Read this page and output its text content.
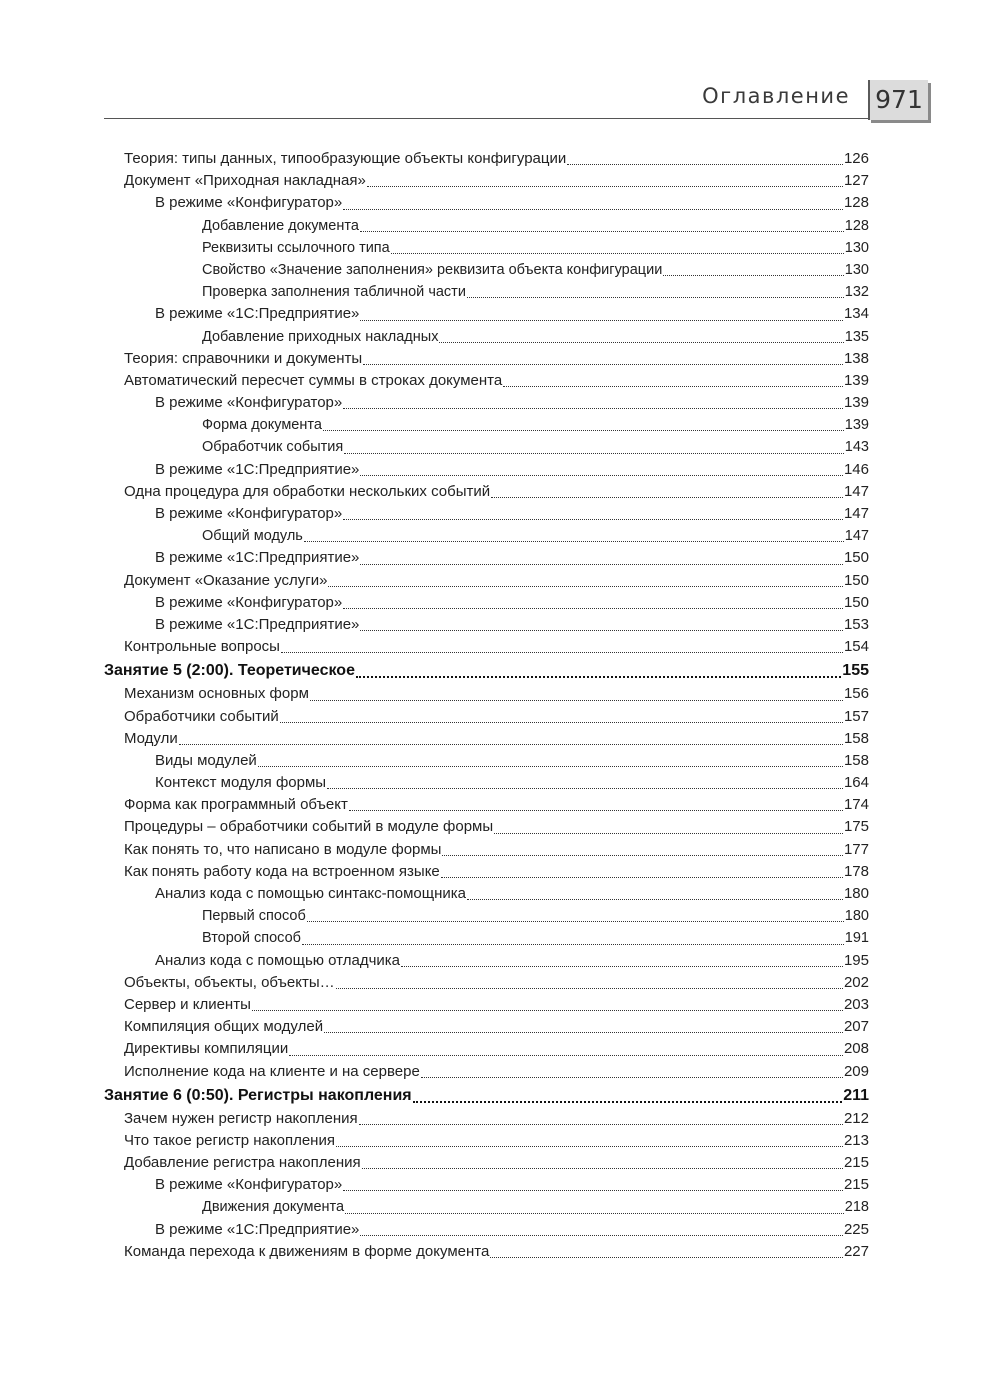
Оглавление 971
Теория: типы данных, типообразующие объекты конфигурации	126
Документ «Приходная накладная»	127
В режиме «Конфигуратор»	128
Добавление документа	128
Реквизиты ссылочного типа	130
Свойство «Значение заполнения» реквизита объекта конфигурации	130
Проверка заполнения табличной части	132
В режиме «1С:Предприятие»	134
Добавление приходных накладных	135
Теория: справочники и документы	138
Автоматический пересчет суммы в строках документа	139
В режиме «Конфигуратор»	139
Форма документа	139
Обработчик события	143
В режиме «1С:Предприятие»	146
Одна процедура для обработки нескольких событий	147
В режиме «Конфигуратор»	147
Общий модуль	147
В режиме «1С:Предприятие»	150
Документ «Оказание услуги»	150
В режиме «Конфигуратор»	150
В режиме «1С:Предприятие»	153
Контрольные вопросы	154
Занятие 5 (2:00). Теоретическое	155
Механизм основных форм	156
Обработчики событий	157
Модули	158
Виды модулей	158
Контекст модуля формы	164
Форма как программный объект	174
Процедуры – обработчики событий в модуле формы	175
Как понять то, что написано в модуле формы	177
Как понять работу кода на встроенном языке	178
Анализ кода с помощью синтакс-помощника	180
Первый способ	180
Второй способ	191
Анализ кода с помощью отладчика	195
Объекты, объекты, объекты…	202
Сервер и клиенты	203
Компиляция общих модулей	207
Директивы компиляции	208
Исполнение кода на клиенте и на сервере	209
Занятие 6 (0:50). Регистры накопления	211
Зачем нужен регистр накопления	212
Что такое регистр накопления	213
Добавление регистра накопления	215
В режиме «Конфигуратор»	215
Движения документа	218
В режиме «1С:Предприятие»	225
Команда перехода к движениям в форме документа	227
